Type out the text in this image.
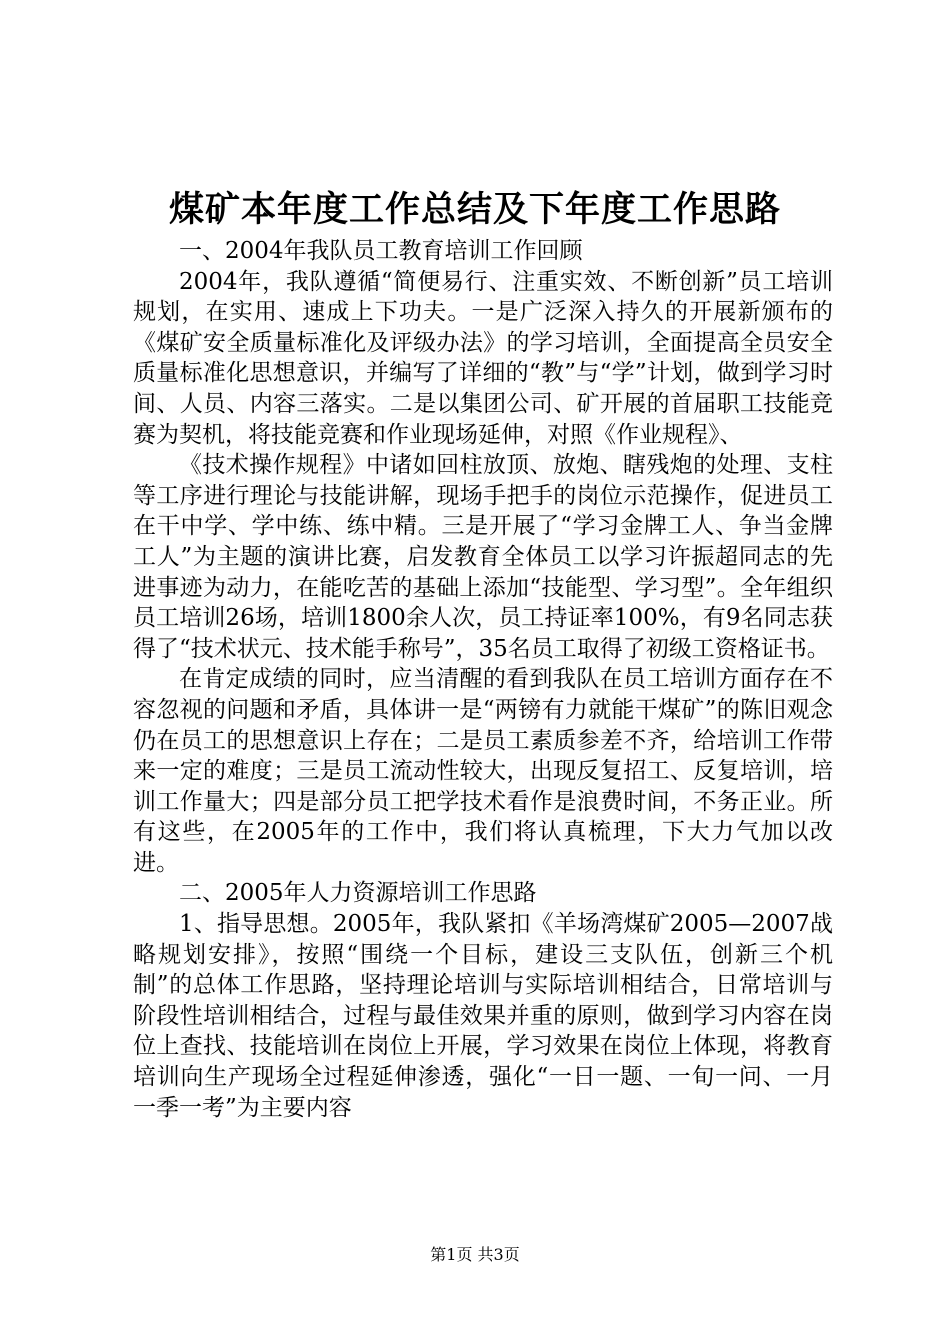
煤矿本年度工作总结及下年度工作思路

一、2004年我队员工教育培训工作回顾

2004年，我队遵循“简便易行、注重实效、不断创新”员工培训规划，在实用、速成上下功夫。一是广泛深入持久的开展新颁布的《煤矿安全质量标准化及评级办法》的学习培训，全面提高全员安全质量标准化思想意识，并编写了详细的“教”与“学”计划，做到学习时间、人员、内容三落实。二是以集团公司、矿开展的首届职工技能竞赛为契机，将技能竞赛和作业现场延伸，对照《作业规程》、

《技术操作规程》中诸如回柱放顶、放炮、瞎残炮的处理、支柱等工序进行理论与技能讲解，现场手把手的岗位示范操作，促进员工在干中学、学中练、练中精。三是开展了“学习金牌工人、争当金牌工人”为主题的演讲比赛，启发教育全体员工以学习许振超同志的先进事迹为动力，在能吃苦的基础上添加“技能型、学习型”。全年组织员工培训26场，培训1800余人次，员工持证率100%，有9名同志获得了“技术状元、技术能手称号”，35名员工取得了初级工资格证书。

在肯定成绩的同时，应当清醒的看到我队在员工培训方面存在不容忽视的问题和矛盾，具体讲一是“两镑有力就能干煤矿”的陈旧观念仍在员工的思想意识上存在；二是员工素质参差不齐，给培训工作带来一定的难度；三是员工流动性较大，出现反复招工、反复培训，培训工作量大；四是部分员工把学技术看作是浪费时间，不务正业。所有这些，在2005年的工作中，我们将认真梳理，下大力气加以改进。

二、2005年人力资源培训工作思路

1、指导思想。2005年，我队紧扣《羊场湾煤矿2005—2007战略规划安排》，按照“围绕一个目标，建设三支队伍，创新三个机制”的总体工作思路，坚持理论培训与实际培训相结合，日常培训与阶段性培训相结合，过程与最佳效果并重的原则，做到学习内容在岗位上查找、技能培训在岗位上开展，学习效果在岗位上体现，将教育培训向生产现场全过程延伸渗透，强化“一日一题、一旬一问、一月一季一考”为主要内容

第1页 共3页
